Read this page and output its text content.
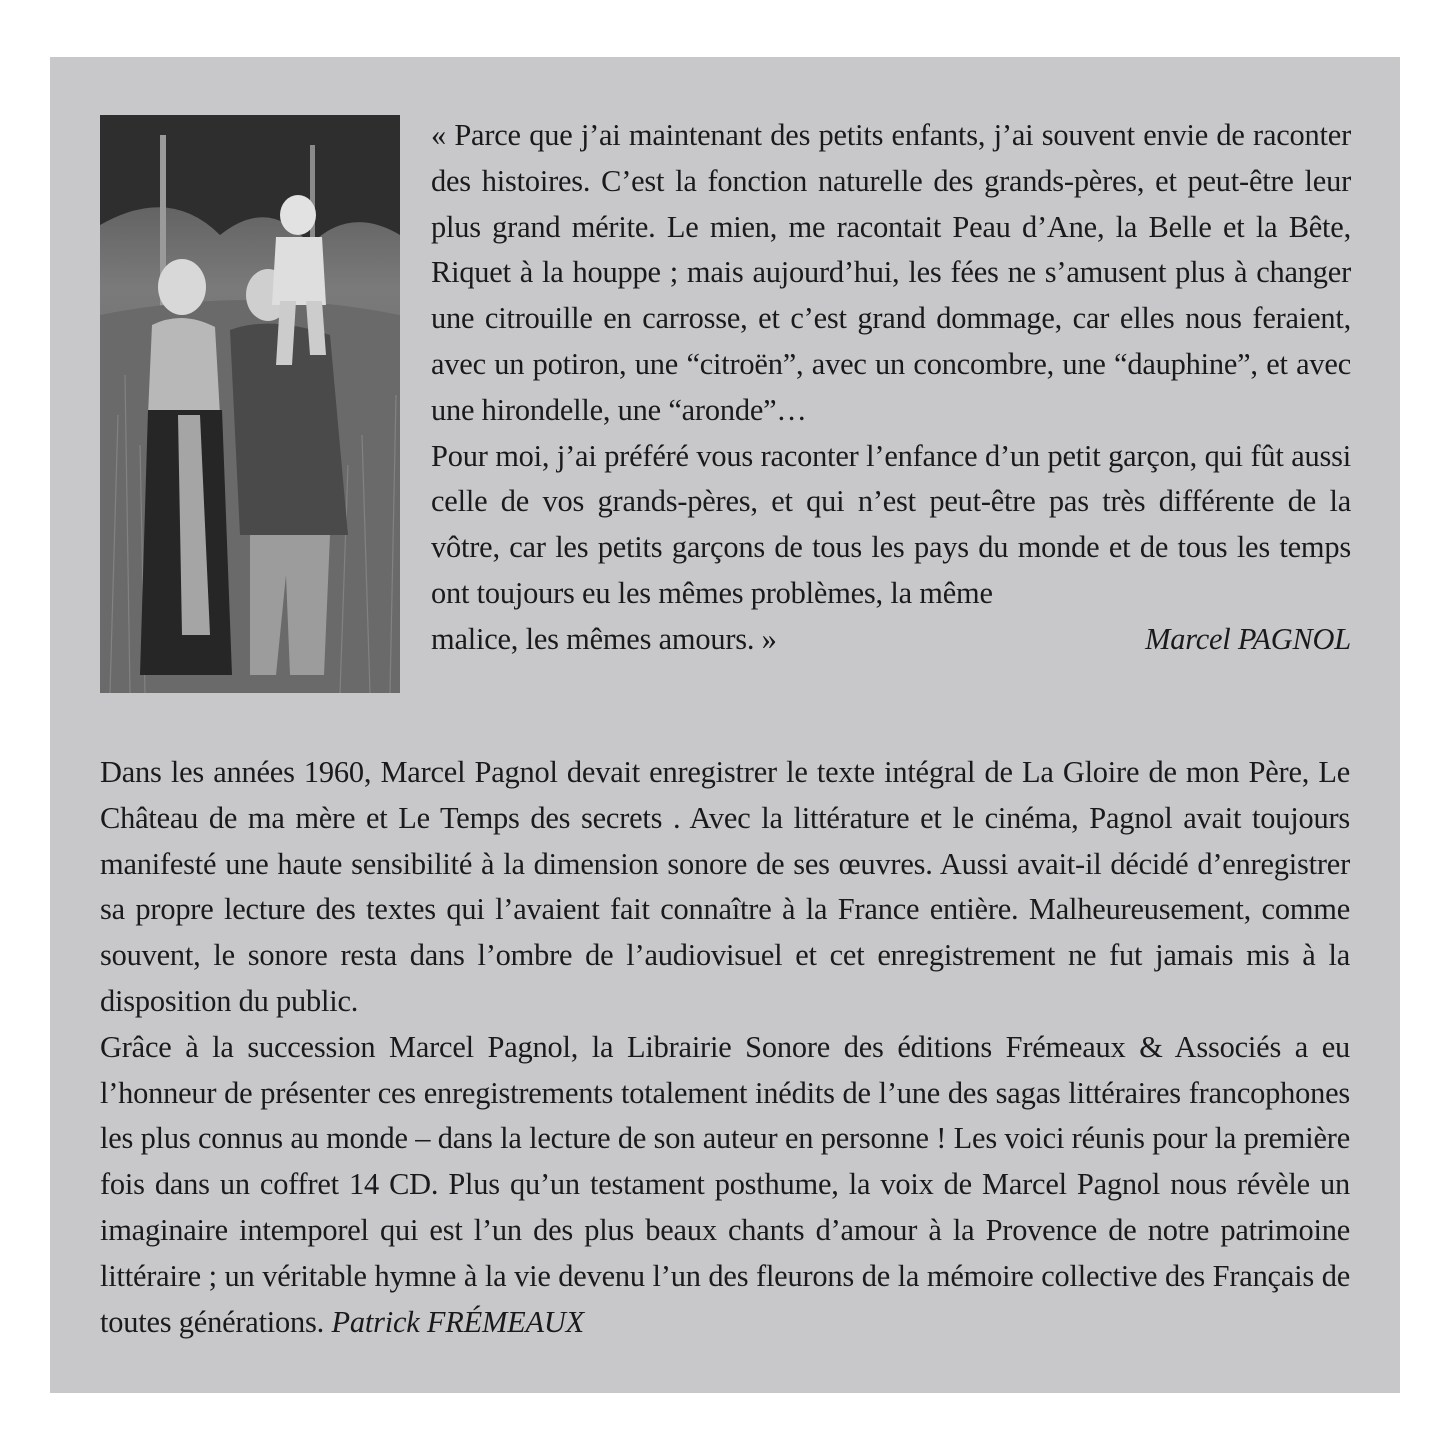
« Parce que j’ai maintenant des petits enfants, j’ai souvent envie de raconter des histoires. C’est la fonction naturelle des grands-pères, et peut-être leur plus grand mérite. Le mien, me racontait Peau d’Ane, la Belle et la Bête, Riquet à la houppe ; mais aujourd’hui, les fées ne s’amusent plus à changer une citrouille en carrosse, et c’est grand dommage, car elles nous feraient, avec un potiron, une “citroën”, avec un concombre, une “dauphine”, et avec une hirondelle, une “aronde”…

Pour moi, j’ai préféré vous raconter l’enfance d’un petit garçon, qui fût aussi celle de vos grands-pères, et qui n’est peut-être pas très différente de la vôtre, car les petits garçons de tous les pays du monde et de tous les temps ont toujours eu les mêmes problèmes, la même

malice, les mêmes amours. »	Marcel PAGNOL

Dans les années 1960, Marcel Pagnol devait enregistrer le texte intégral de La Gloire de mon Père, Le Château de ma mère et Le Temps des secrets . Avec la littérature et le cinéma, Pagnol avait toujours manifesté une haute sensibilité à la dimension sonore de ses œuvres. Aussi avait-il décidé d’enregistrer sa propre lecture des textes qui l’avaient fait connaître à la France entière. Malheureusement, comme souvent, le sonore resta dans l’ombre de l’audiovisuel et cet enregistrement ne fut jamais mis à la disposition du public.

Grâce à la succession Marcel Pagnol, la Librairie Sonore des éditions Frémeaux & Associés a eu l’honneur de présenter ces enregistrements totalement inédits de l’une des sagas littéraires francophones les plus connus au monde – dans la lecture de son auteur en personne ! Les voici réunis pour la première fois dans un coffret 14 CD. Plus qu’un testament posthume, la voix de Marcel Pagnol nous révèle un imaginaire intemporel qui est l’un des plus beaux chants d’amour à la Provence de notre patrimoine littéraire ; un véritable hymne à la vie devenu l’un des fleurons de la mémoire collective des Français de toutes générations. Patrick FRÉMEAUX
